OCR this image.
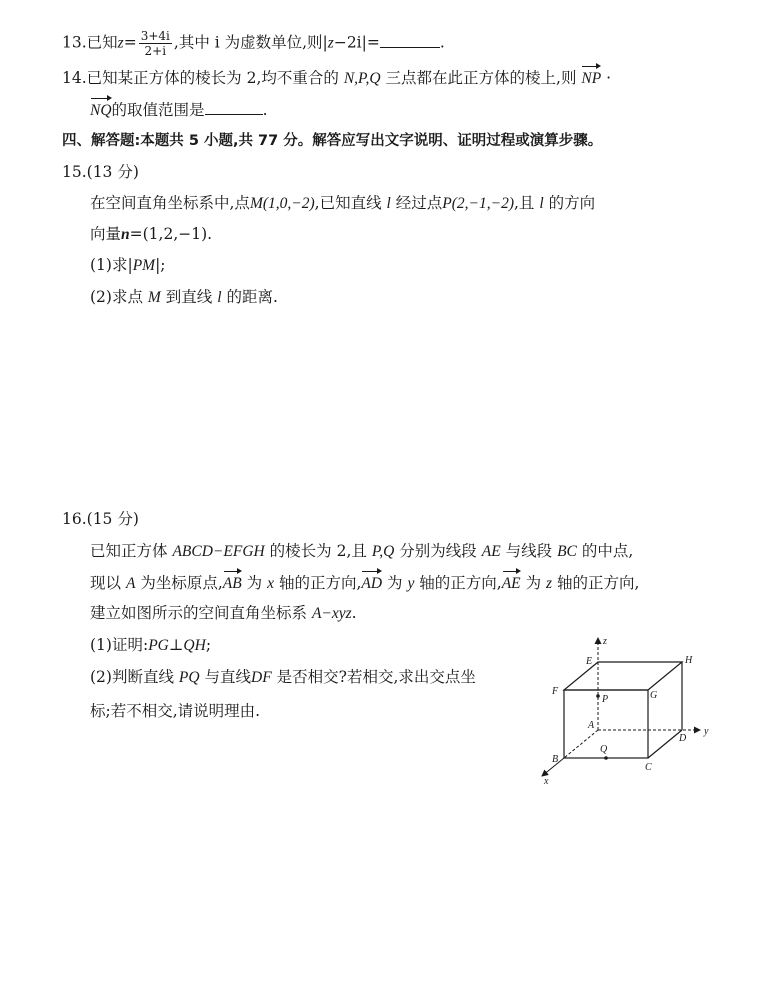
13.已知$z= \frac{3+4i}{2+i}$ ,其中 i 为虚数单位,则|z−2i|=	.
14.已知某正方体的棱长为 2,均不重合的 N,P,Q 三点都在此正方体的棱上,则 NP ·
NQ的取值范围是	.
四、解答题:本题共 5 小题,共 77 分。解答应写出文字说明、证明过程或演算步骤。
15.(13 分)
在空间直角坐标系中,点M(1,0,−2),已知直线 l 经过点P(2,−1,−2),且 l 的方向
向量n=(1,2,−1).
(1)求|PM|;
(2)求点 M 到直线 l 的距离.
16.(15 分)
已知正方体 ABCD−EFGH 的棱长为 2,且 P,Q 分别为线段 AE 与线段 BC 的中点,
现以 A 为坐标原点,AB 为 x 轴的正方向,AD 为 y 轴的正方向,AE 为 z 轴的正方向,
建立如图所示的空间直角坐标系 A−xyz.
(1)证明:PG⊥QH;
(2)判断直线 PQ 与直线DF 是否相交?若相交,求出交点坐
标;若不相交,请说明理由.
z
y
x
E	H
F	G
P
A
D
B
Q
C
